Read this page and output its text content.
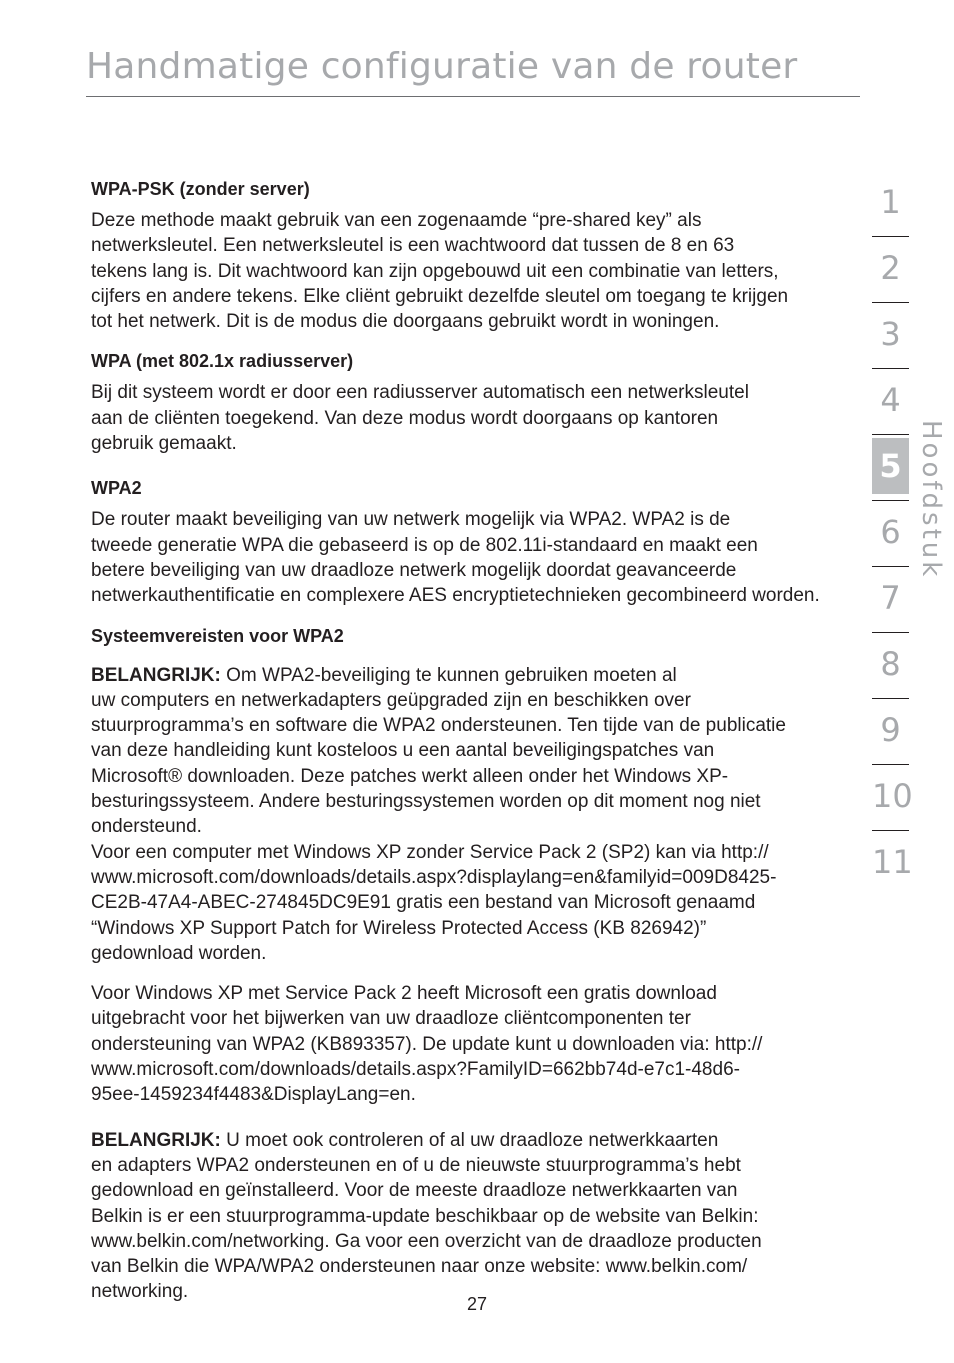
Handmatige configuratie van de router
WPA-PSK (zonder server)

Deze methode maakt gebruik van een zogenaamde “pre-shared key” als
netwerksleutel. Een netwerksleutel is een wachtwoord dat tussen de 8 en 63
tekens lang is. Dit wachtwoord kan zijn opgebouwd uit een combinatie van letters,
cijfers en andere tekens. Elke cliënt gebruikt dezelfde sleutel om toegang te krijgen
tot het netwerk. Dit is de modus die doorgaans gebruikt wordt in woningen.

WPA (met 802.1x radiusserver)

Bij dit systeem wordt er door een radiusserver automatisch een netwerksleutel
aan de cliënten toegekend. Van deze modus wordt doorgaans op kantoren
gebruik gemaakt.

WPA2

De router maakt beveiliging van uw netwerk mogelijk via WPA2. WPA2 is de
tweede generatie WPA die gebaseerd is op de 802.11i-standaard en maakt een
betere beveiliging van uw draadloze netwerk mogelijk doordat geavanceerde
netwerkauthentificatie en complexere AES encryptietechnieken gecombineerd worden.

Systeemvereisten voor WPA2

BELANGRIJK: Om WPA2-beveiliging te kunnen gebruiken moeten al
uw computers en netwerkadapters geüpgraded zijn en beschikken over
stuurprogramma’s en software die WPA2 ondersteunen. Ten tijde van de publicatie
van deze handleiding kunt kosteloos u een aantal beveiligingspatches van
Microsoft® downloaden. Deze patches werkt alleen onder het Windows XP-
besturingssysteem. Andere besturingssystemen worden op dit moment nog niet
ondersteund.
Voor een computer met Windows XP zonder Service Pack 2 (SP2) kan via http://
www.microsoft.com/downloads/details.aspx?displaylang=en&familyid=009D8425-
CE2B-47A4-ABEC-274845DC9E91 gratis een bestand van Microsoft genaamd
“Windows XP Support Patch for Wireless Protected Access (KB 826942)”
gedownload worden.

Voor Windows XP met Service Pack 2 heeft Microsoft een gratis download
uitgebracht voor het bijwerken van uw draadloze cliëntcomponenten ter
ondersteuning van WPA2 (KB893357). De update kunt u downloaden via: http://
www.microsoft.com/downloads/details.aspx?FamilyID=662bb74d-e7c1-48d6-
95ee-1459234f4483&DisplayLang=en.

BELANGRIJK: U moet ook controleren of al uw draadloze netwerkkaarten
en adapters WPA2 ondersteunen en of u de nieuwste stuurprogramma’s hebt
gedownload en geïnstalleerd. Voor de meeste draadloze netwerkkaarten van
Belkin is er een stuurprogramma-update beschikbaar op de website van Belkin:
www.belkin.com/networking. Ga voor een overzicht van de draadloze producten
van Belkin die WPA/WPA2 ondersteunen naar onze website: www.belkin.com/
networking.

1
2
3
4
5
6
7
8
9
10
11
Hoofdstuk
27
